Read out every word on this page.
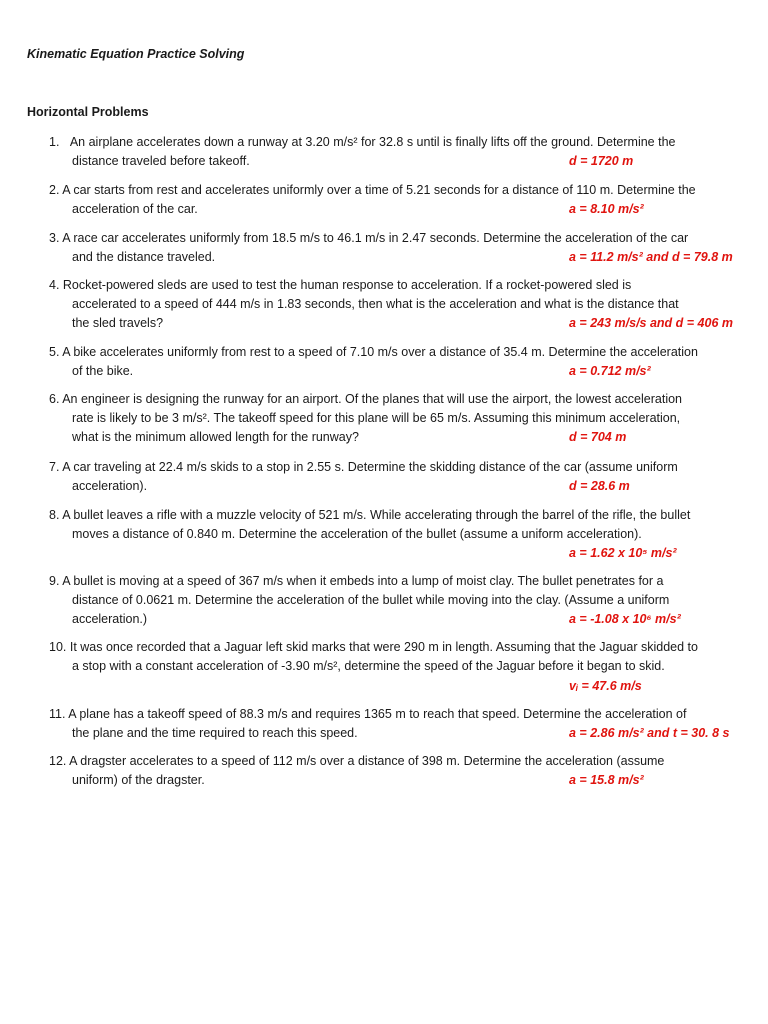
Kinematic Equation Practice Solving
Horizontal Problems
1.   An airplane accelerates down a runway at 3.20 m/s² for 32.8 s until is finally lifts off the ground. Determine the
distance traveled before takeoff.	d = 1720 m
2. A car starts from rest and accelerates uniformly over a time of 5.21 seconds for a distance of 110 m. Determine the
acceleration of the car.	a = 8.10 m/s²
3. A race car accelerates uniformly from 18.5 m/s to 46.1 m/s in 2.47 seconds. Determine the acceleration of the car
and the distance traveled.	a = 11.2 m/s² and d = 79.8 m
4. Rocket-powered sleds are used to test the human response to acceleration. If a rocket-powered sled is
accelerated to a speed of 444 m/s in 1.83 seconds, then what is the acceleration and what is the distance that
the sled travels?	a = 243 m/s/s and d = 406 m
5. A bike accelerates uniformly from rest to a speed of 7.10 m/s over a distance of 35.4 m. Determine the acceleration
of the bike.	a = 0.712 m/s²
6. An engineer is designing the runway for an airport. Of the planes that will use the airport, the lowest acceleration
rate is likely to be 3 m/s². The takeoff speed for this plane will be 65 m/s. Assuming this minimum acceleration,
what is the minimum allowed length for the runway?	d = 704 m
7. A car traveling at 22.4 m/s skids to a stop in 2.55 s. Determine the skidding distance of the car (assume uniform
acceleration).	d = 28.6 m
8. A bullet leaves a rifle with a muzzle velocity of 521 m/s. While accelerating through the barrel of the rifle, the bullet
moves a distance of 0.840 m. Determine the acceleration of the bullet (assume a uniform acceleration).
a = 1.62 x 10⁵ m/s²
9. A bullet is moving at a speed of 367 m/s when it embeds into a lump of moist clay. The bullet penetrates for a
distance of 0.0621 m. Determine the acceleration of the bullet while moving into the clay. (Assume a uniform
acceleration.)	a = -1.08 x 10⁶ m/s²
10. It was once recorded that a Jaguar left skid marks that were 290 m in length. Assuming that the Jaguar skidded to
a stop with a constant acceleration of -3.90 m/s², determine the speed of the Jaguar before it began to skid.
vᵢ = 47.6 m/s
11. A plane has a takeoff speed of 88.3 m/s and requires 1365 m to reach that speed. Determine the acceleration of
the plane and the time required to reach this speed.	a = 2.86 m/s² and t = 30. 8 s
12. A dragster accelerates to a speed of 112 m/s over a distance of 398 m. Determine the acceleration (assume
uniform) of the dragster.	a = 15.8 m/s²
